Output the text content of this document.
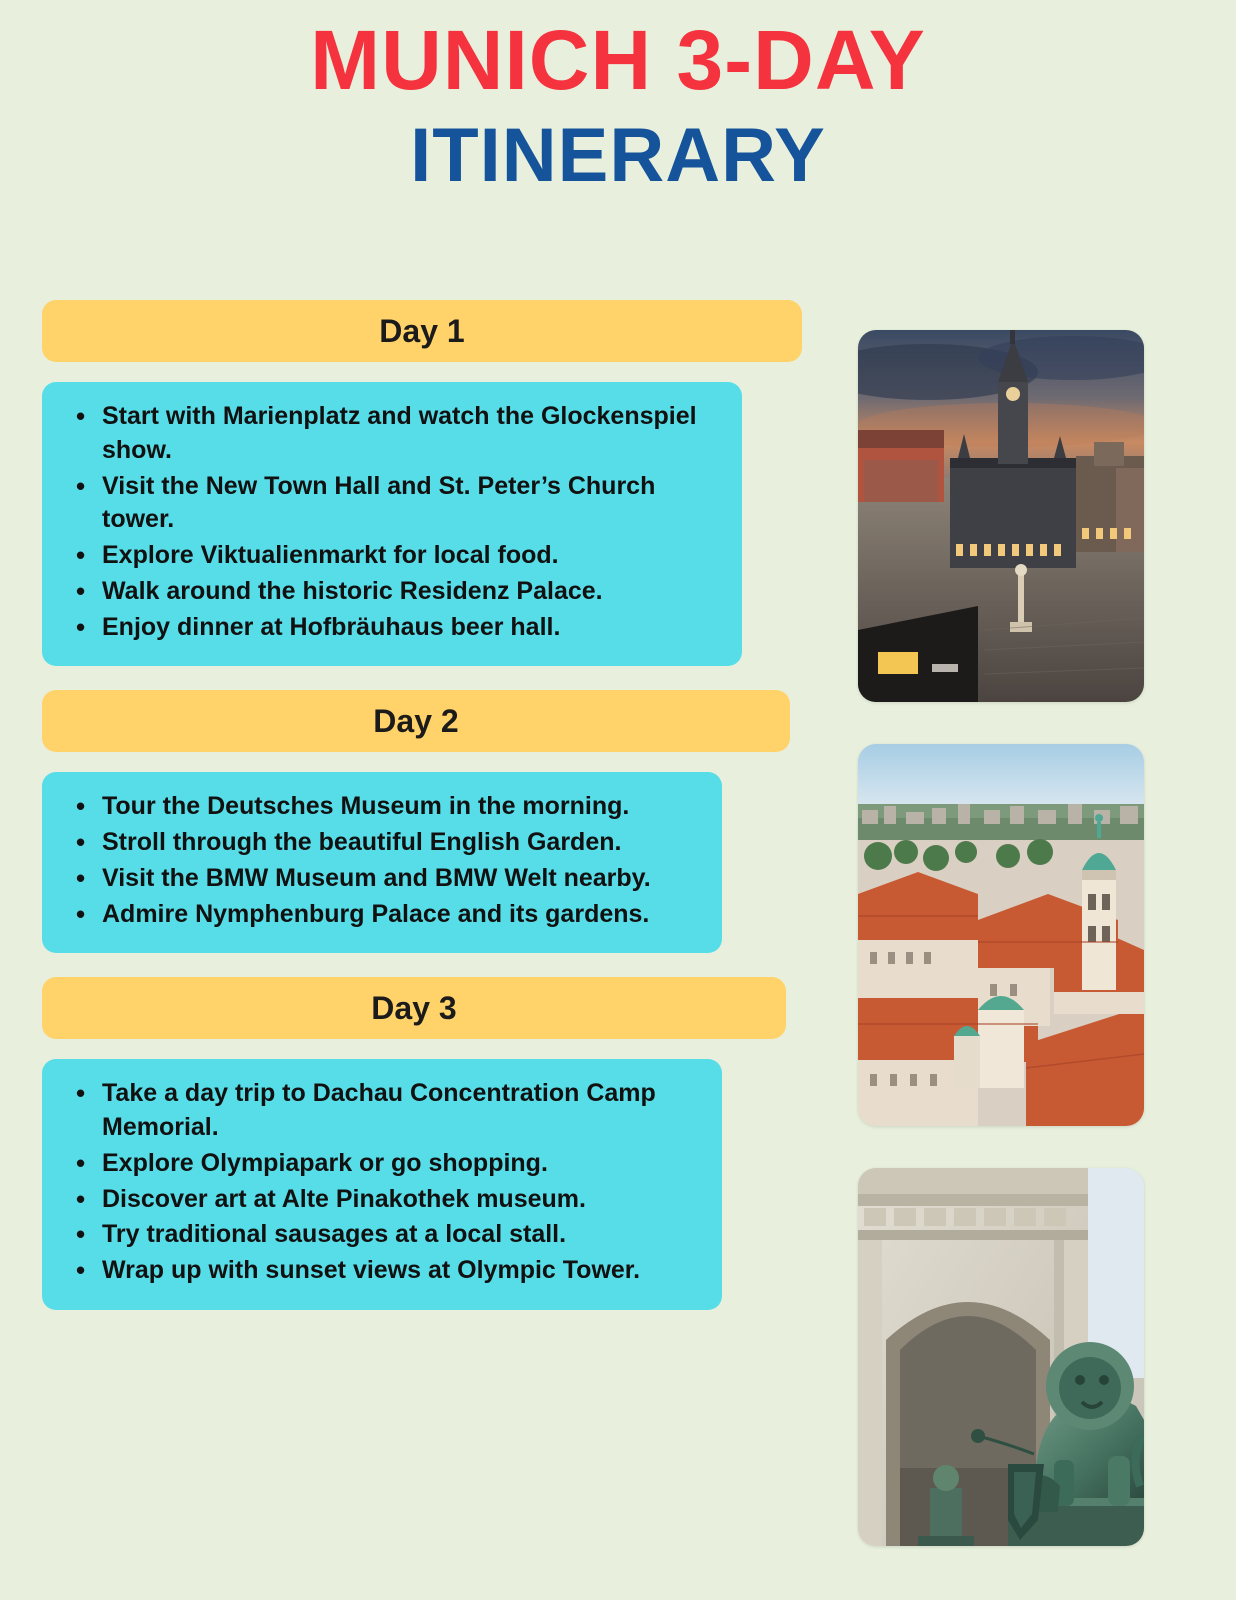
MUNICH 3-DAY
ITINERARY
Day 1
• Start with Marienplatz and watch the Glockenspiel show.
• Visit the New Town Hall and St. Peter’s Church tower.
• Explore Viktualienmarkt for local food.
• Walk around the historic Residenz Palace.
• Enjoy dinner at Hofbräuhaus beer hall.
Day 2
• Tour the Deutsches Museum in the morning.
• Stroll through the beautiful English Garden.
• Visit the BMW Museum and BMW Welt nearby.
• Admire Nymphenburg Palace and its gardens.
Day 3
• Take a day trip to Dachau Concentration Camp Memorial.
• Explore Olympiapark or go shopping.
• Discover art at Alte Pinakothek museum.
• Try traditional sausages at a local stall.
• Wrap up with sunset views at Olympic Tower.
